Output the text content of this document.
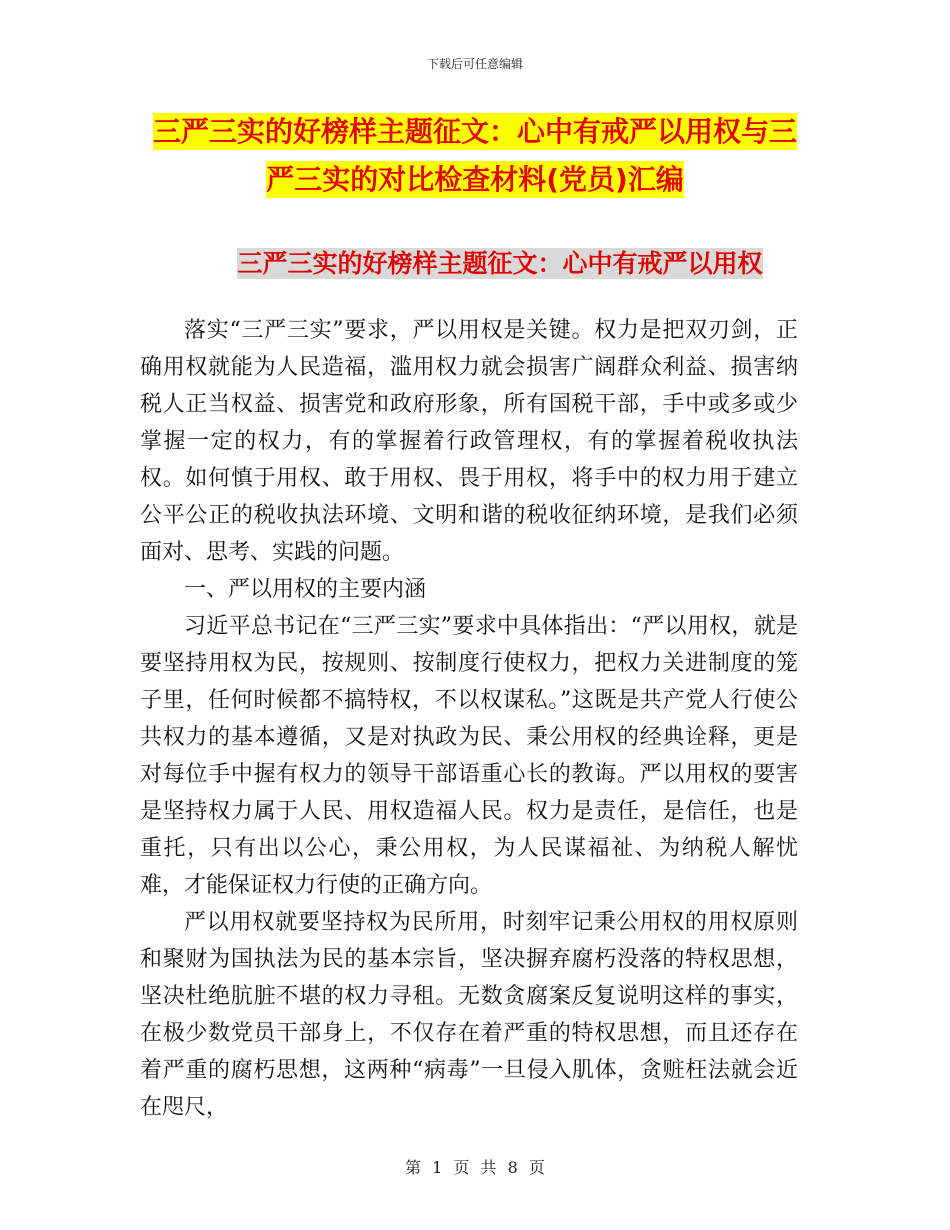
下载后可任意编辑
三严三实的好榜样主题征文：心中有戒严以用权与三
严三实的对比检查材料(党员)汇编
三严三实的好榜样主题征文：心中有戒严以用权

落实“三严三实”要求，严以用权是关键。权力是把双刃剑，正确用权就能为人民造福，滥用权力就会损害广阔群众利益、损害纳税人正当权益、损害党和政府形象，所有国税干部，手中或多或少掌握一定的权力，有的掌握着行政管理权，有的掌握着税收执法权。如何慎于用权、敢于用权、畏于用权，将手中的权力用于建立公平公正的税收执法环境、文明和谐的税收征纳环境，是我们必须面对、思考、实践的问题。

一、严以用权的主要内涵

习近平总书记在“三严三实”要求中具体指出：“严以用权，就是要坚持用权为民，按规则、按制度行使权力，把权力关进制度的笼子里，任何时候都不搞特权，不以权谋私。”这既是共产党人行使公共权力的基本遵循，又是对执政为民、秉公用权的经典诠释，更是对每位手中握有权力的领导干部语重心长的教诲。严以用权的要害是坚持权力属于人民、用权造福人民。权力是责任，是信任，也是重托，只有出以公心，秉公用权，为人民谋福祉、为纳税人解忧难，才能保证权力行使的正确方向。

严以用权就要坚持权为民所用，时刻牢记秉公用权的用权原则和聚财为国执法为民的基本宗旨，坚决摒弃腐朽没落的特权思想，坚决杜绝肮脏不堪的权力寻租。无数贪腐案反复说明这样的事实，在极少数党员干部身上，不仅存在着严重的特权思想，而且还存在着严重的腐朽思想，这两种“病毒”一旦侵入肌体，贪赃枉法就会近在咫尺，

第 1 页 共 8 页
